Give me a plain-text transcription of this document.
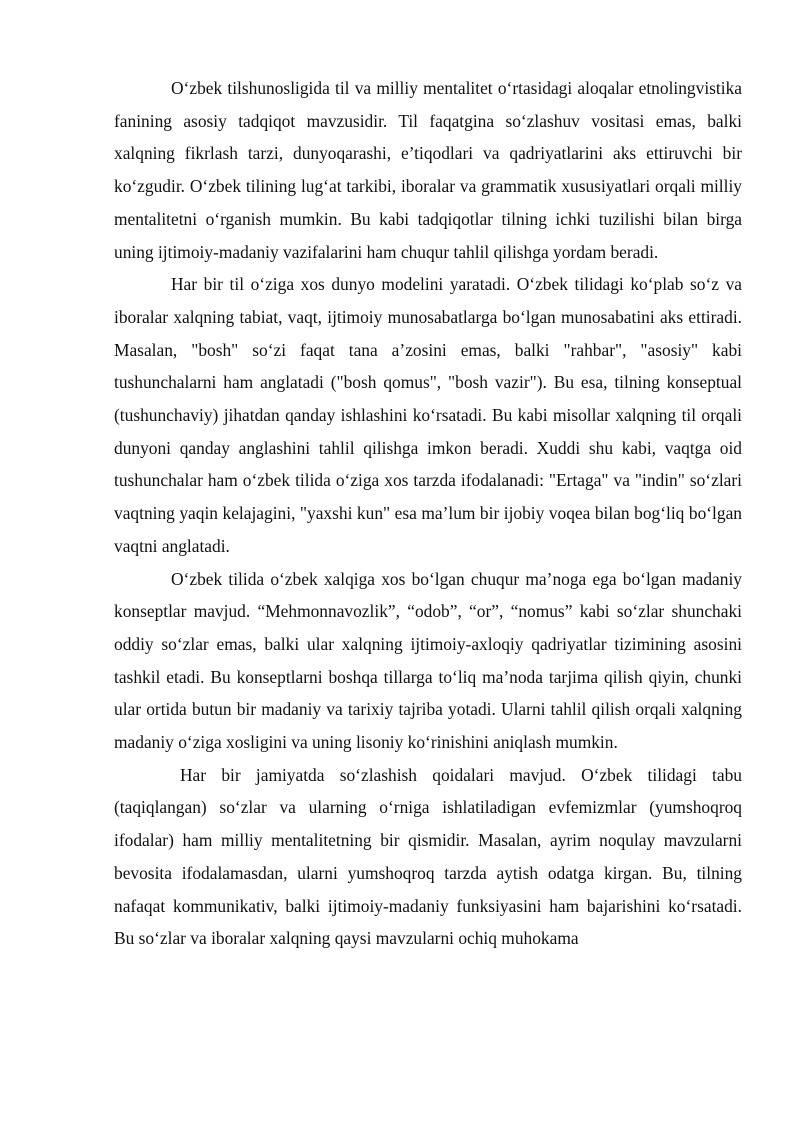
O‘zbek tilshunosligida til va milliy mentalitet o‘rtasidagi aloqalar etnolingvistika fanining asosiy tadqiqot mavzusidir. Til faqatgina so‘zlashuv vositasi emas, balki xalqning fikrlash tarzi, dunyoqarashi, e’tiqodlari va qadriyatlarini aks ettiruvchi bir ko‘zgudir. O‘zbek tilining lug‘at tarkibi, iboralar va grammatik xususiyatlari orqali milliy mentalitetni o‘rganish mumkin. Bu kabi tadqiqotlar tilning ichki tuzilishi bilan birga uning ijtimoiy-madaniy vazifalarini ham chuqur tahlil qilishga yordam beradi.

Har bir til o‘ziga xos dunyo modelini yaratadi. O‘zbek tilidagi ko‘plab so‘z va iboralar xalqning tabiat, vaqt, ijtimoiy munosabatlarga bo‘lgan munosabatini aks ettiradi. Masalan, "bosh" so‘zi faqat tana a’zosini emas, balki "rahbar", "asosiy" kabi tushunchalarni ham anglatadi ("bosh qomus", "bosh vazir"). Bu esa, tilning konseptual (tushunchaviy) jihatdan qanday ishlashini ko‘rsatadi. Bu kabi misollar xalqning til orqali dunyoni qanday anglashini tahlil qilishga imkon beradi. Xuddi shu kabi, vaqtga oid tushunchalar ham o‘zbek tilida o‘ziga xos tarzda ifodalanadi: "Ertaga" va "indin" so‘zlari vaqtning yaqin kelajagini, "yaxshi kun" esa ma’lum bir ijobiy voqea bilan bog‘liq bo‘lgan vaqtni anglatadi.

O‘zbek tilida o‘zbek xalqiga xos bo‘lgan chuqur ma’noga ega bo‘lgan madaniy konseptlar mavjud. “Mehmonnavozlik”, “odob”, “or”, “nomus” kabi so‘zlar shunchaki oddiy so‘zlar emas, balki ular xalqning ijtimoiy-axloqiy qadriyatlar tizimining asosini tashkil etadi. Bu konseptlarni boshqa tillarga to‘liq ma’noda tarjima qilish qiyin, chunki ular ortida butun bir madaniy va tarixiy tajriba yotadi. Ularni tahlil qilish orqali xalqning madaniy o‘ziga xosligini va uning lisoniy ko‘rinishini aniqlash mumkin.

Har bir jamiyatda so‘zlashish qoidalari mavjud. O‘zbek tilidagi tabu (taqiqlangan) so‘zlar va ularning o‘rniga ishlatiladigan evfemizmlar (yumshoqroq ifodalar) ham milliy mentalitetning bir qismidir. Masalan, ayrim noqulay mavzularni bevosita ifodalamasdan, ularni yumshoqroq tarzda aytish odatga kirgan. Bu, tilning nafaqat kommunikativ, balki ijtimoiy-madaniy funksiyasini ham bajarishini ko‘rsatadi. Bu so‘zlar va iboralar xalqning qaysi mavzularni ochiq muhokama
